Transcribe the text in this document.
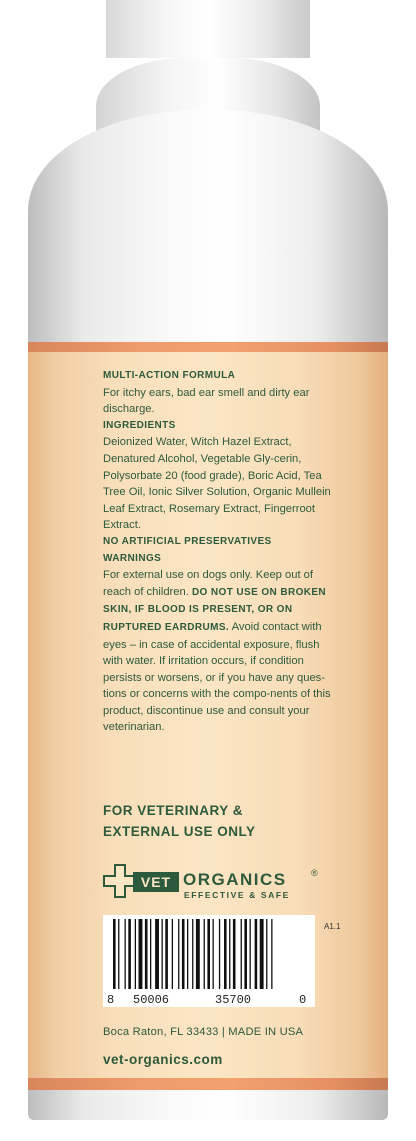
MULTI-ACTION FORMULA
For itchy ears, bad ear smell and dirty ear discharge.
INGREDIENTS
Deionized Water, Witch Hazel Extract, Denatured Alcohol, Vegetable Gly-cerin, Polysorbate 20 (food grade), Boric Acid, Tea Tree Oil, Ionic Silver Solution, Organic Mullein Leaf Extract, Rosemary Extract, Fingerroot Extract.
NO ARTIFICIAL PRESERVATIVES
WARNINGS
For external use on dogs only. Keep out of reach of children. DO NOT USE ON BROKEN SKIN, IF BLOOD IS PRESENT, OR ON RUPTURED EARDRUMS. Avoid contact with eyes – in case of accidental exposure, flush with water. If irritation occurs, if condition persists or worsens, or if you have any ques-tions or concerns with the compo-nents of this product, discontinue use and consult your veterinarian.
FOR VETERINARY &
EXTERNAL USE ONLY
VET ORGANICS	®
EFFECTIVE & SAFE
8 50006	35700	0
A1.1
Boca Raton, FL 33433 | MADE IN USA
vet-organics.com
